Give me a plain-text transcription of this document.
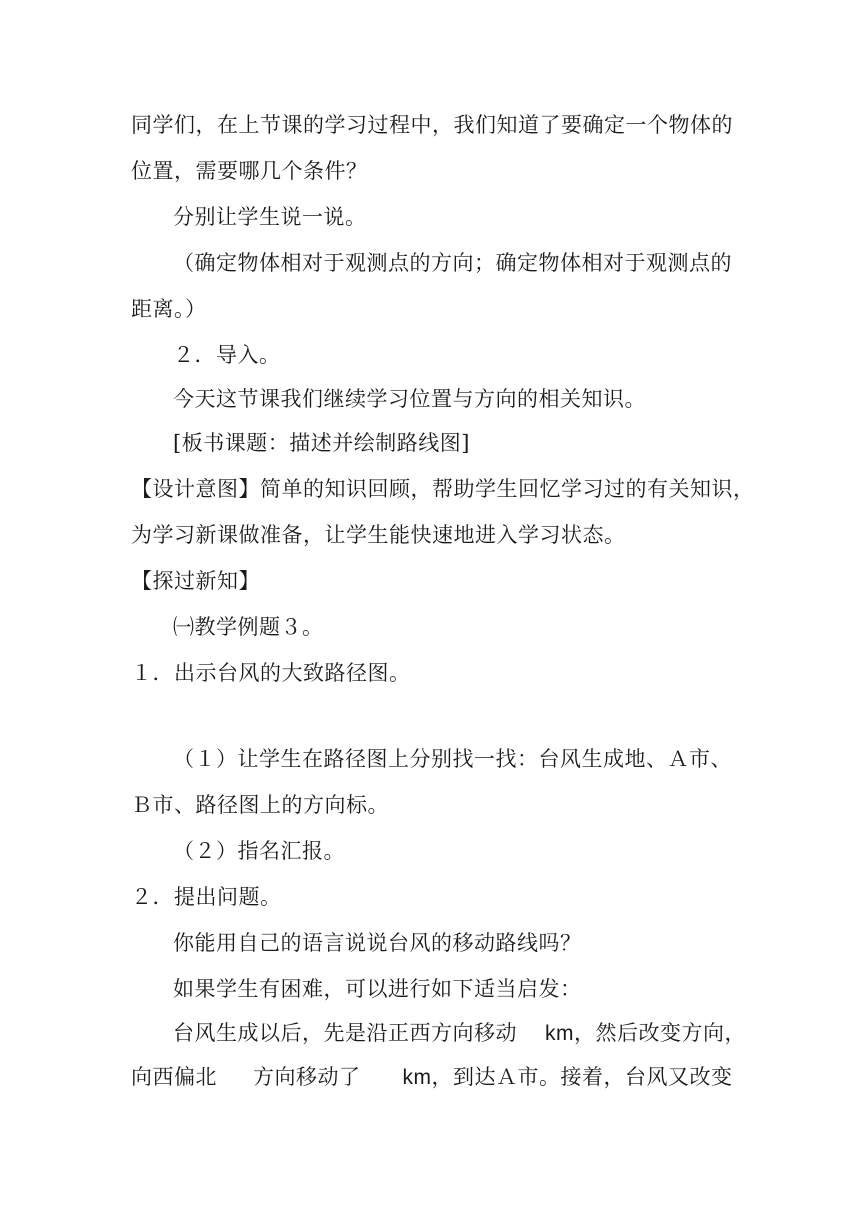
同学们，在上节课的学习过程中，我们知道了要确定一个物体的
位置，需要哪几个条件？
分别让学生说一说。
（确定物体相对于观测点的方向；确定物体相对于观测点的
距离。）
２．导入。
今天这节课我们继续学习位置与方向的相关知识。
[板书课题：描述并绘制路线图]
【设计意图】简单的知识回顾，帮助学生回忆学习过的有关知识，
为学习新课做准备，让学生能快速地进入学习状态。
【探过新知】
㈠教学例题３。
１．出示台风的大致路径图。
（１）让学生在路径图上分别找一找：台风生成地、Ａ市、
Ｂ市、路径图上的方向标。
（２）指名汇报。
２．提出问题。
你能用自己的语言说说台风的移动路线吗？
如果学生有困难，可以进行如下适当启发：
台风生成以后，先是沿正西方向移动 km，然后改变方向，
向西偏北 方向移动了 km，到达Ａ市。接着，台风又改变
